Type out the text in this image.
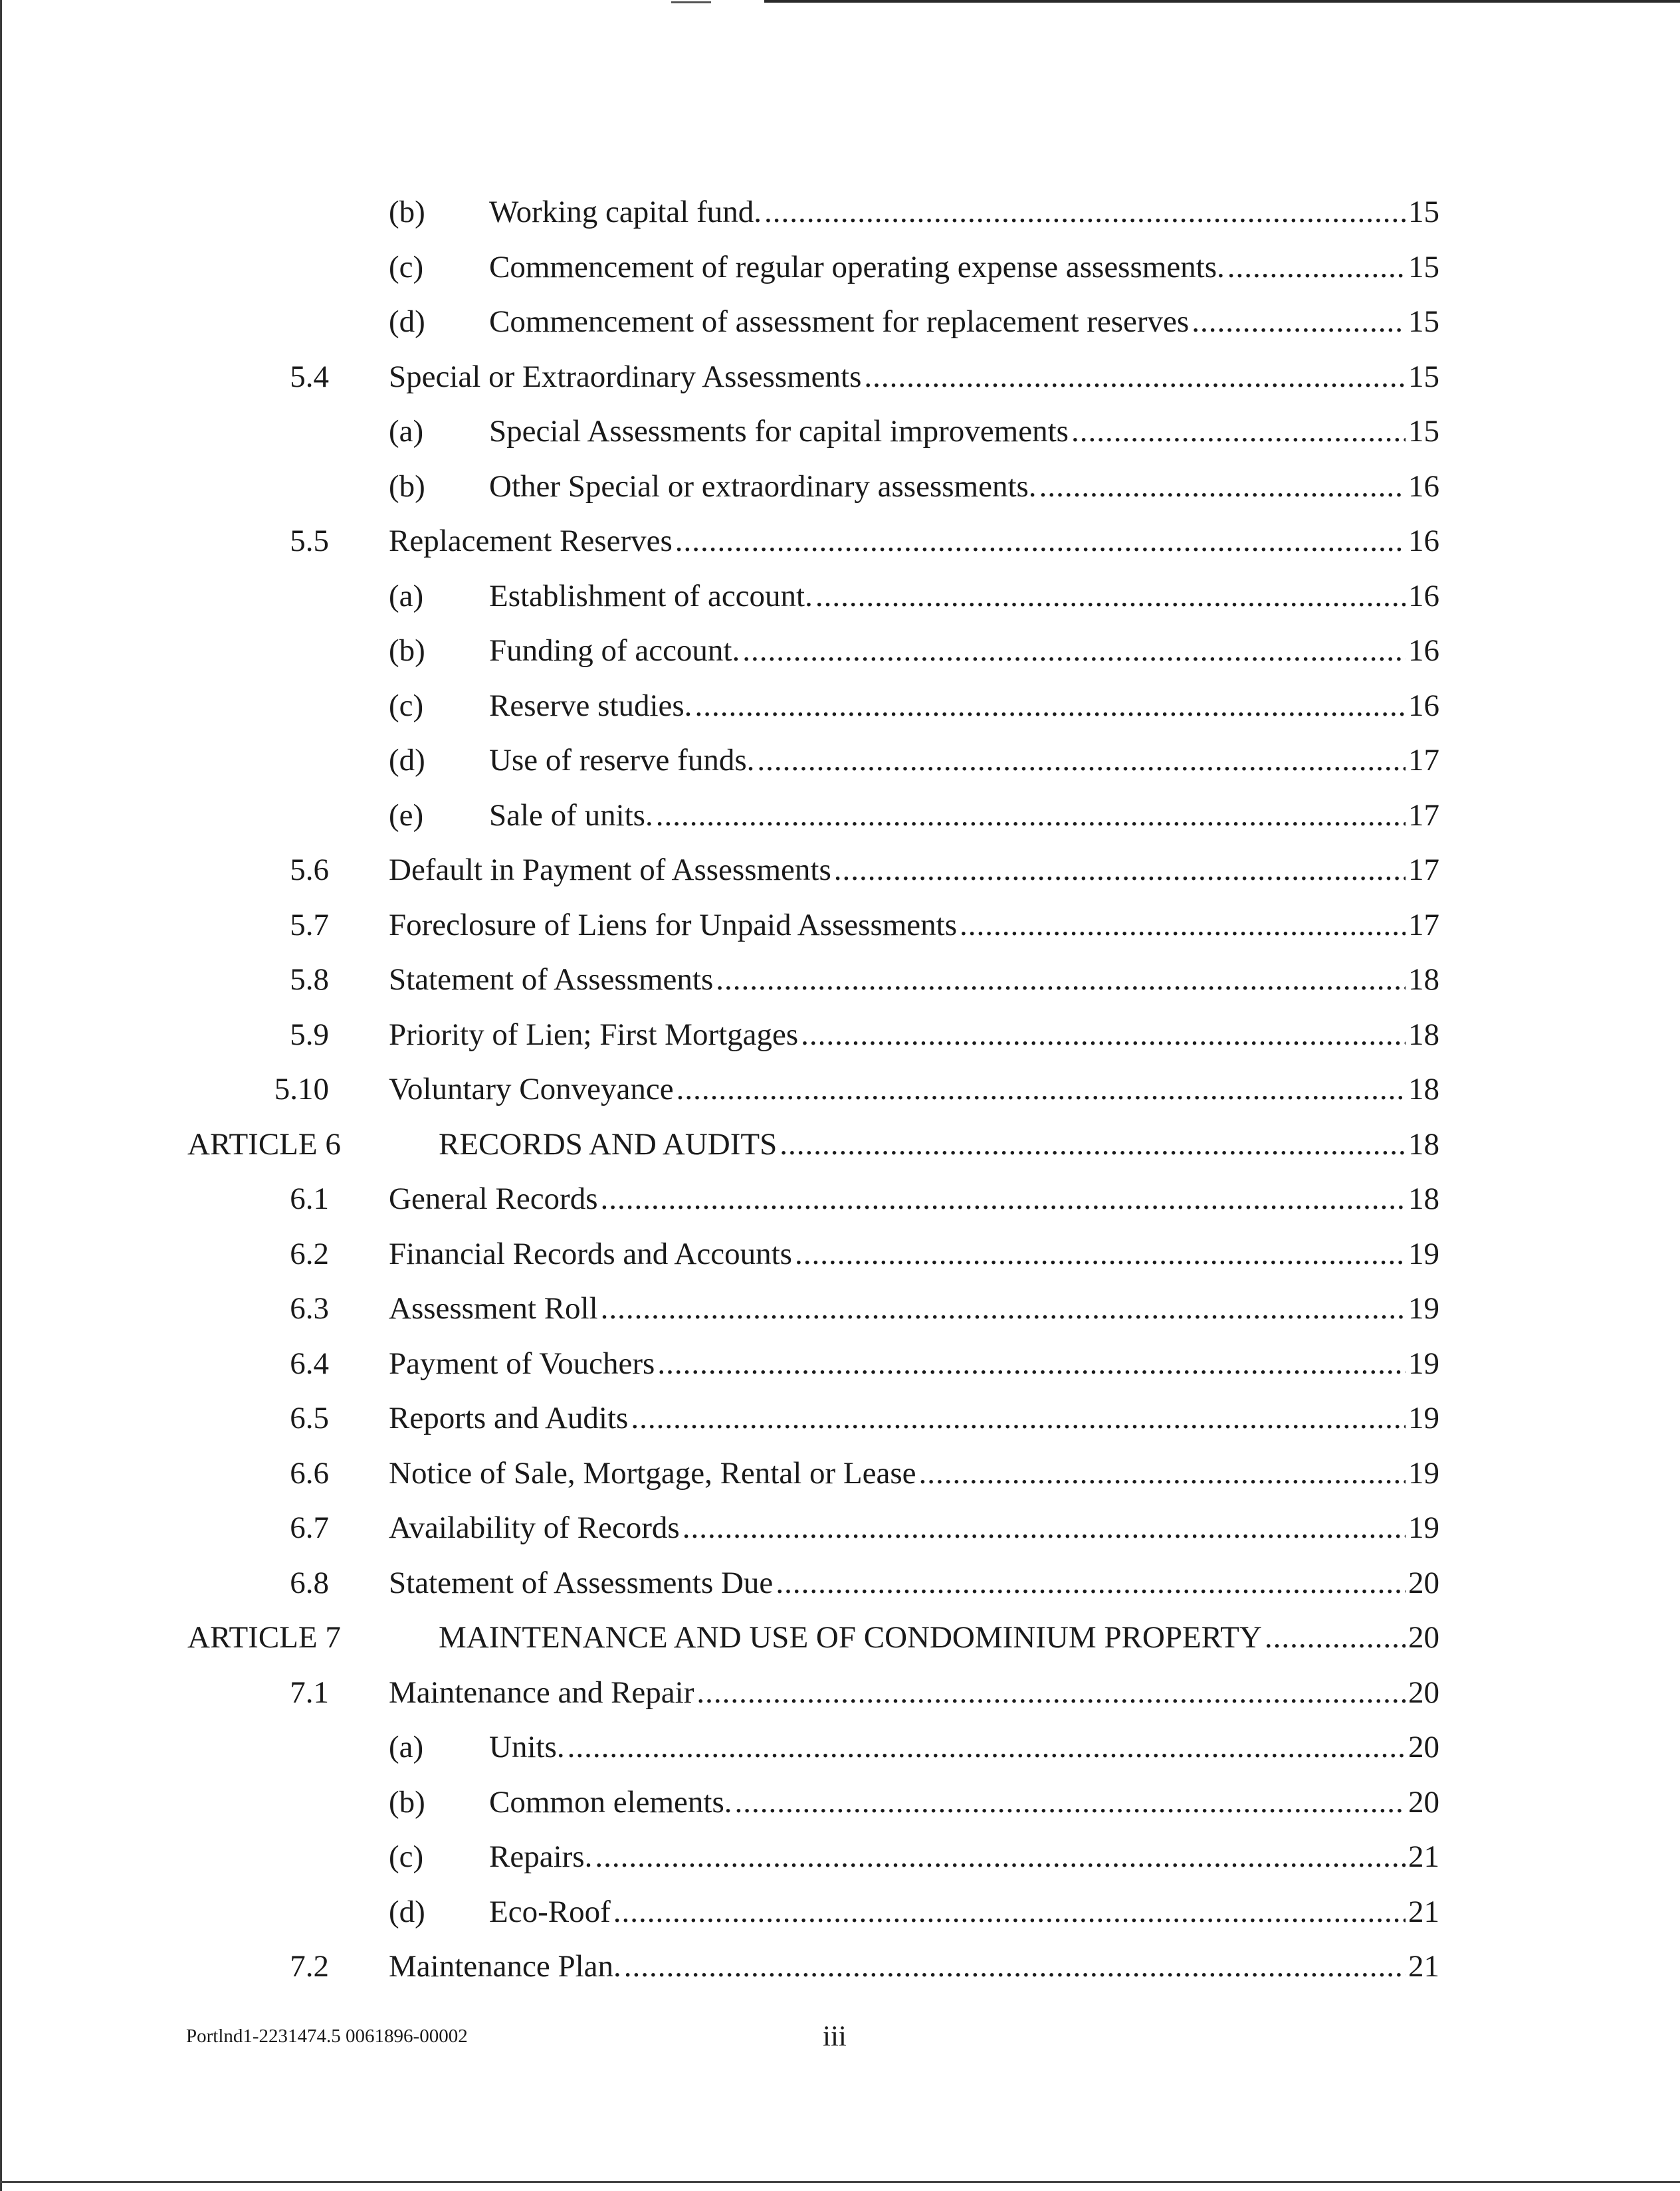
(b) Working capital fund. .....	15
(c) Commencement of regular operating expense assessments. .....	15
(d) Commencement of assessment for replacement reserves .....	15
5.4 Special or Extraordinary Assessments .....	15
(a) Special Assessments for capital improvements .....	15
(b) Other Special or extraordinary assessments. .....	16
5.5 Replacement Reserves .....	16
(a) Establishment of account. .....	16
(b) Funding of account. .....	16
(c) Reserve studies. .....	16
(d) Use of reserve funds. .....	17
(e) Sale of units. .....	17
5.6 Default in Payment of Assessments .....	17
5.7 Foreclosure of Liens for Unpaid Assessments .....	17
5.8 Statement of Assessments .....	18
5.9 Priority of Lien; First Mortgages .....	18
5.10 Voluntary Conveyance .....	18
ARTICLE 6	RECORDS AND AUDITS .....	18
6.1 General Records .....	18
6.2 Financial Records and Accounts .....	19
6.3 Assessment Roll .....	19
6.4 Payment of Vouchers .....	19
6.5 Reports and Audits .....	19
6.6 Notice of Sale, Mortgage, Rental or Lease .....	19
6.7 Availability of Records .....	19
6.8 Statement of Assessments Due .....	20
ARTICLE 7	MAINTENANCE AND USE OF CONDOMINIUM PROPERTY .....	20
7.1 Maintenance and Repair .....	20
(a) Units. .....	20
(b) Common elements. .....	20
(c) Repairs. .....	21
(d) Eco-Roof .....	21
7.2 Maintenance Plan. .....	21
Portlnd1-2231474.5 0061896-00002	iii
